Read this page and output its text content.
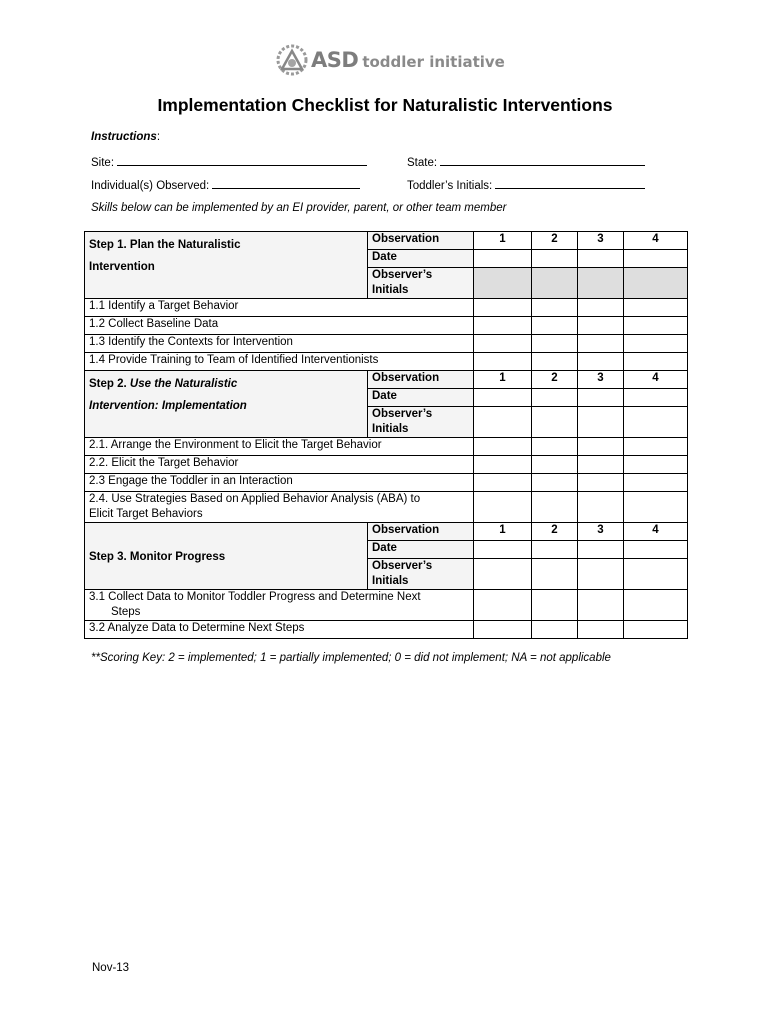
ASD toddler initiative
Implementation Checklist for Naturalistic Interventions
Instructions:
Site:	State:
Individual(s) Observed:	Toddler’s Initials:
Skills below can be implemented by an EI provider, parent, or other team member
Step 1. Plan the Naturalistic
Intervention	Observation	1	2	3	4
	Date				
	Observer’s
Initials				
1.1 Identify a Target Behavior					
1.2 Collect Baseline Data					
1.3 Identify the Contexts for Intervention					
1.4 Provide Training to Team of Identified Interventionists					
Step 2. Use the Naturalistic
Intervention: Implementation	Observation	1	2	3	4
	Date				
	Observer’s
Initials				
2.1. Arrange the Environment to Elicit the Target Behavior					
2.2. Elicit the Target Behavior					
2.3 Engage the Toddler in an Interaction					
2.4. Use Strategies Based on Applied Behavior Analysis (ABA) to
Elicit Target Behaviors					
Step 3. Monitor Progress	Observation	1	2	3	4
	Date				
	Observer’s
Initials				
3.1 Collect Data to Monitor Toddler Progress and Determine Next
Steps					
3.2 Analyze Data to Determine Next Steps					
**Scoring Key: 2 = implemented; 1 = partially implemented; 0 = did not implement; NA = not applicable
Nov-13
